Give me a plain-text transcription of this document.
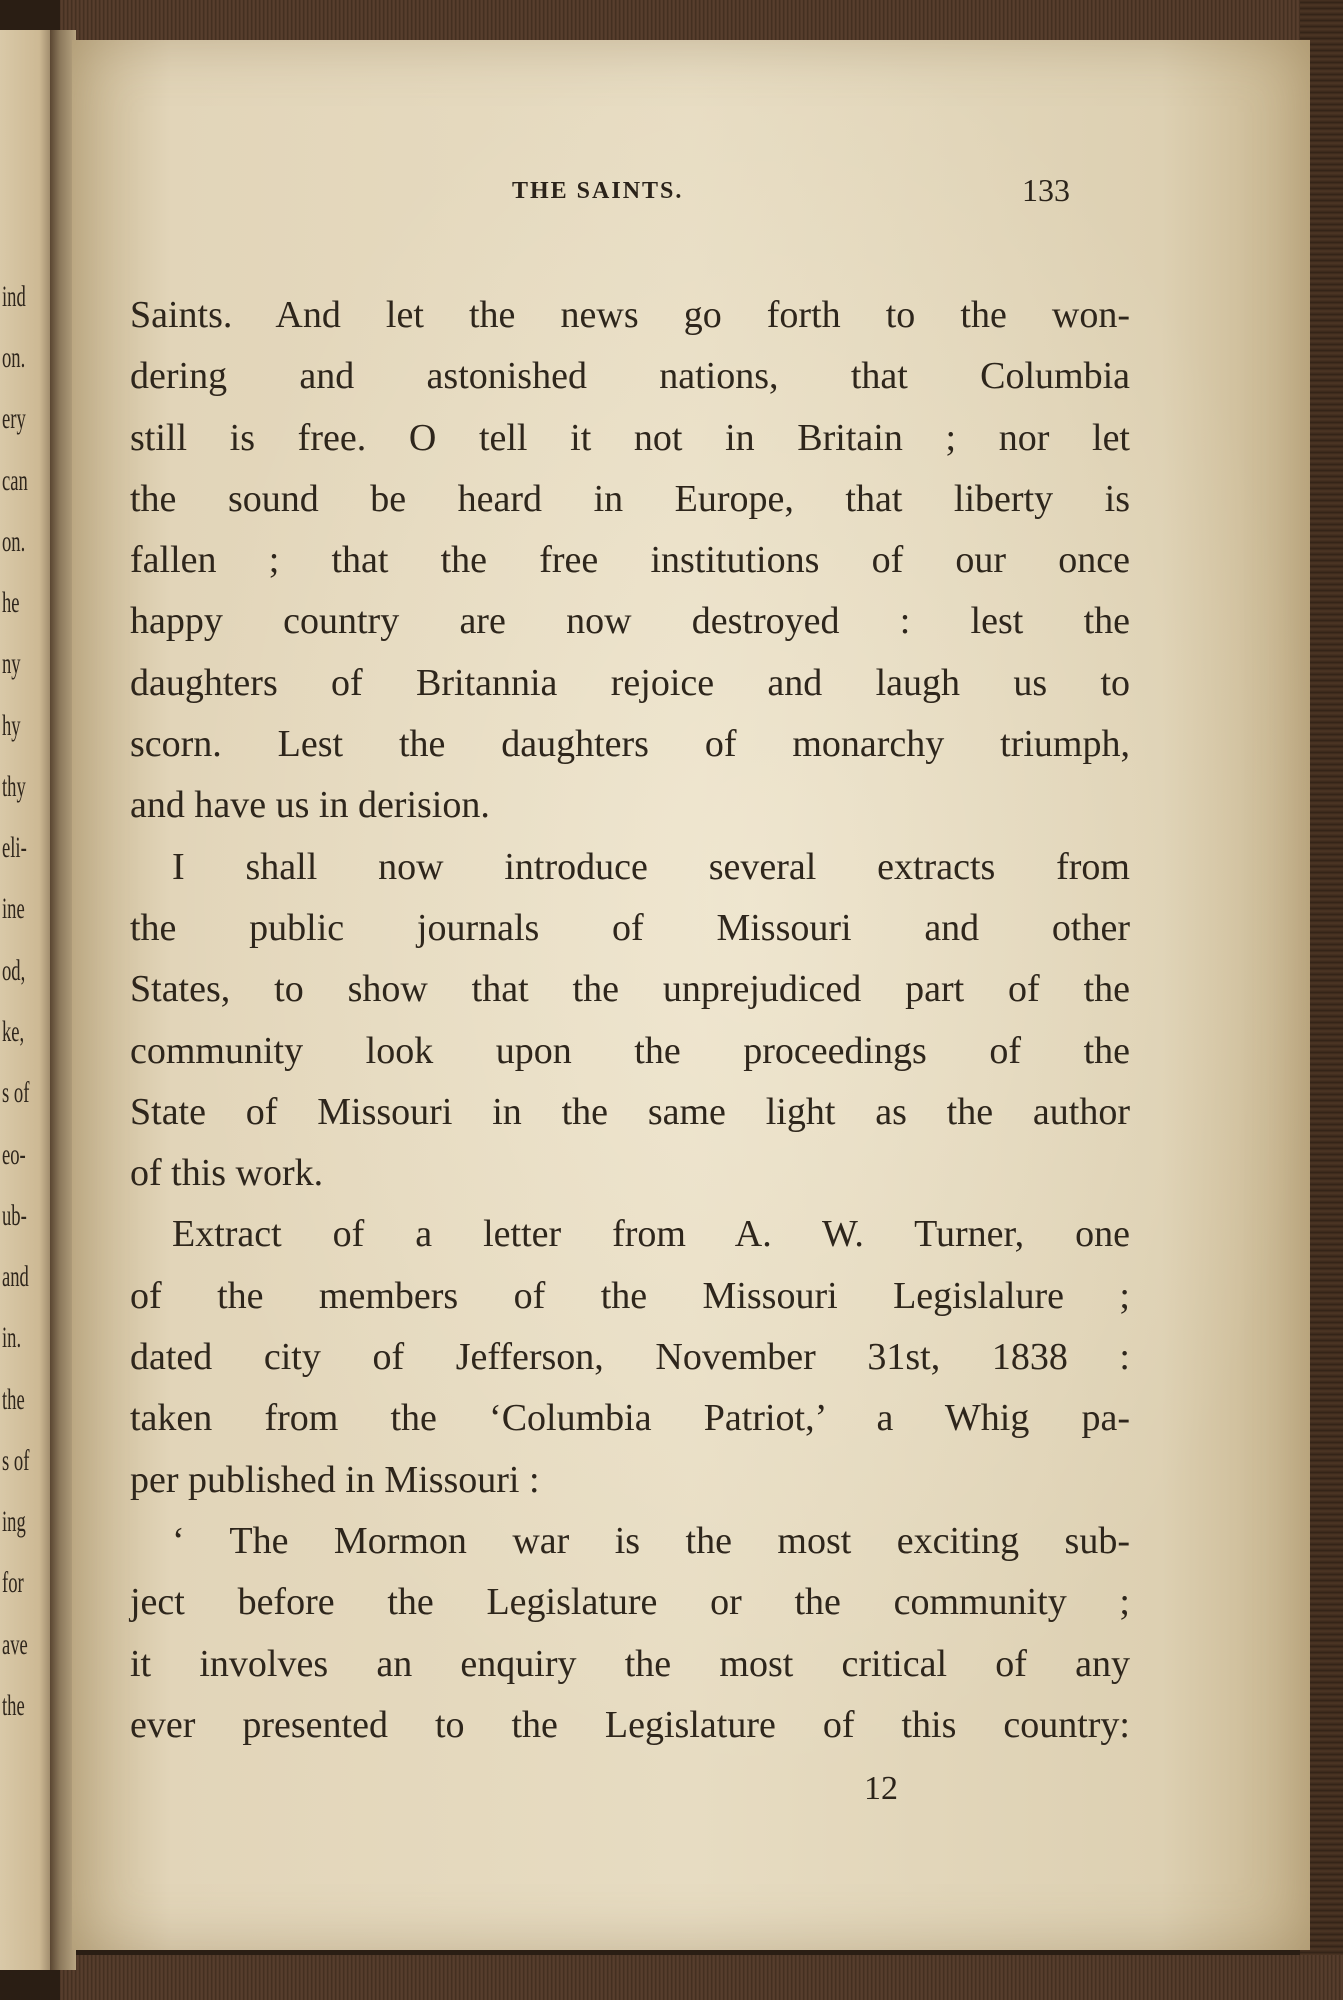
ind
on.
ery
can
on.
he
ny
hy
thy
eli-
ine
od,
ke,
s of
eo-
ub-
and
in.
the
s of
ing
for
ave
the
THE SAINTS.	133
Saints. And let the news go forth to the won-
dering and astonished nations, that Columbia
still is free. O tell it not in Britain ; nor let
the sound be heard in Europe, that liberty is
fallen ; that the free institutions of our once
happy country are now destroyed : lest the
daughters of Britannia rejoice and laugh us to
scorn. Lest the daughters of monarchy triumph,
and have us in derision.
I shall now introduce several extracts from
the public journals of Missouri and other
States, to show that the unprejudiced part of the
community look upon the proceedings of the
State of Missouri in the same light as the author
of this work.
Extract of a letter from A. W. Turner, one
of the members of the Missouri Legislalure ;
dated city of Jefferson, November 31st, 1838 :
taken from the ‘Columbia Patriot,’ a Whig pa-
per published in Missouri :
‘ The Mormon war is the most exciting sub-
ject before the Legislature or the community ;
it involves an enquiry the most critical of any
ever presented to the Legislature of this country:
12
